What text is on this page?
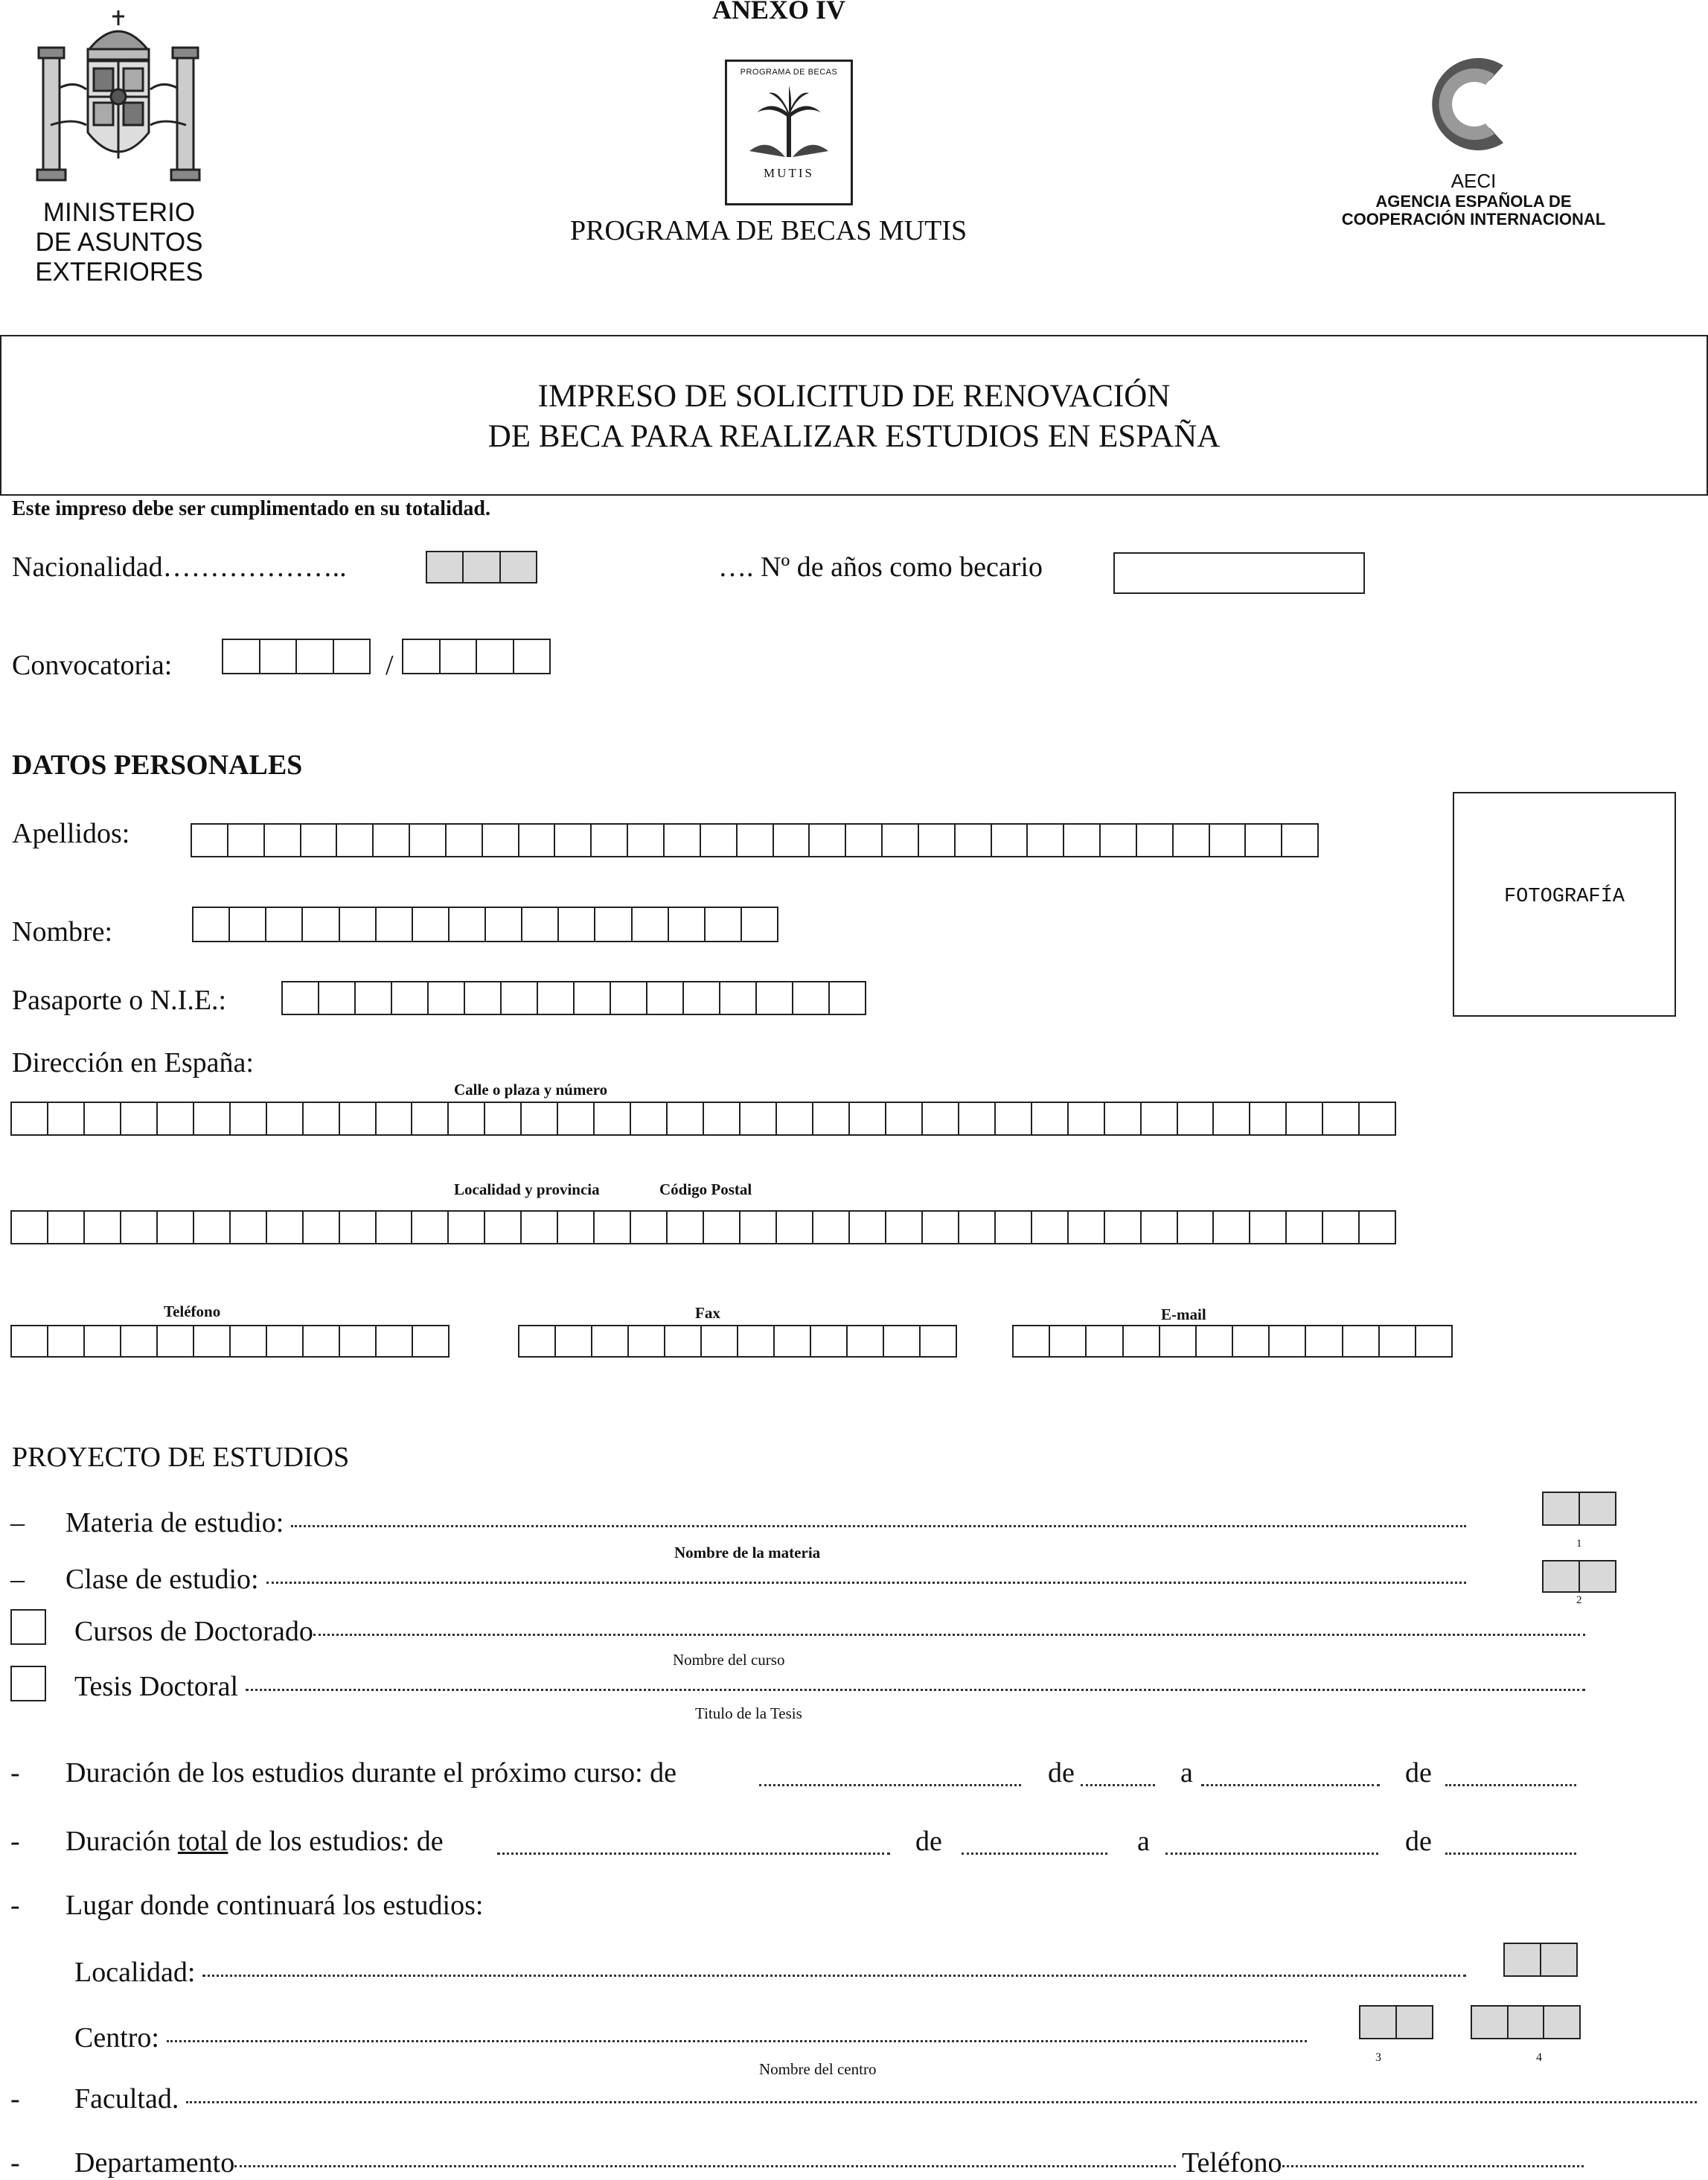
ANEXO IV
MINISTERIO
DE ASUNTOS
EXTERIORES
PROGRAMA DE BECAS
MUTIS
PROGRAMA DE BECAS MUTIS
AECI
AGENCIA ESPAÑOLA DE
COOPERACIÓN INTERNACIONAL
IMPRESO DE SOLICITUD DE RENOVACIÓN
DE BECA PARA REALIZAR ESTUDIOS EN ESPAÑA
Este impreso debe ser cumplimentado en su totalidad.
Nacionalidad………………..	…. Nº de años como becario
Convocatoria:	/
DATOS PERSONALES
Apellidos:
Nombre:
Pasaporte o N.I.E.:
FOTOGRAFÍA
Dirección en España:
Calle o plaza y número
Localidad y provincia	Código Postal
Teléfono	Fax	E-mail
PROYECTO DE ESTUDIOS
–	Materia de estudio:
Nombre de la materia	1
–	Clase de estudio:
2
Cursos de Doctorado
Nombre del curso
Tesis Doctoral
Titulo de la Tesis
- Duración de los estudios durante el próximo curso: de	de	a	de
- Duración total de los estudios: de	de	a	de
- Lugar donde continuará los estudios:
Localidad:
Centro:
Nombre del centro
3	4
- Facultad.
- Departamento	Teléfono
